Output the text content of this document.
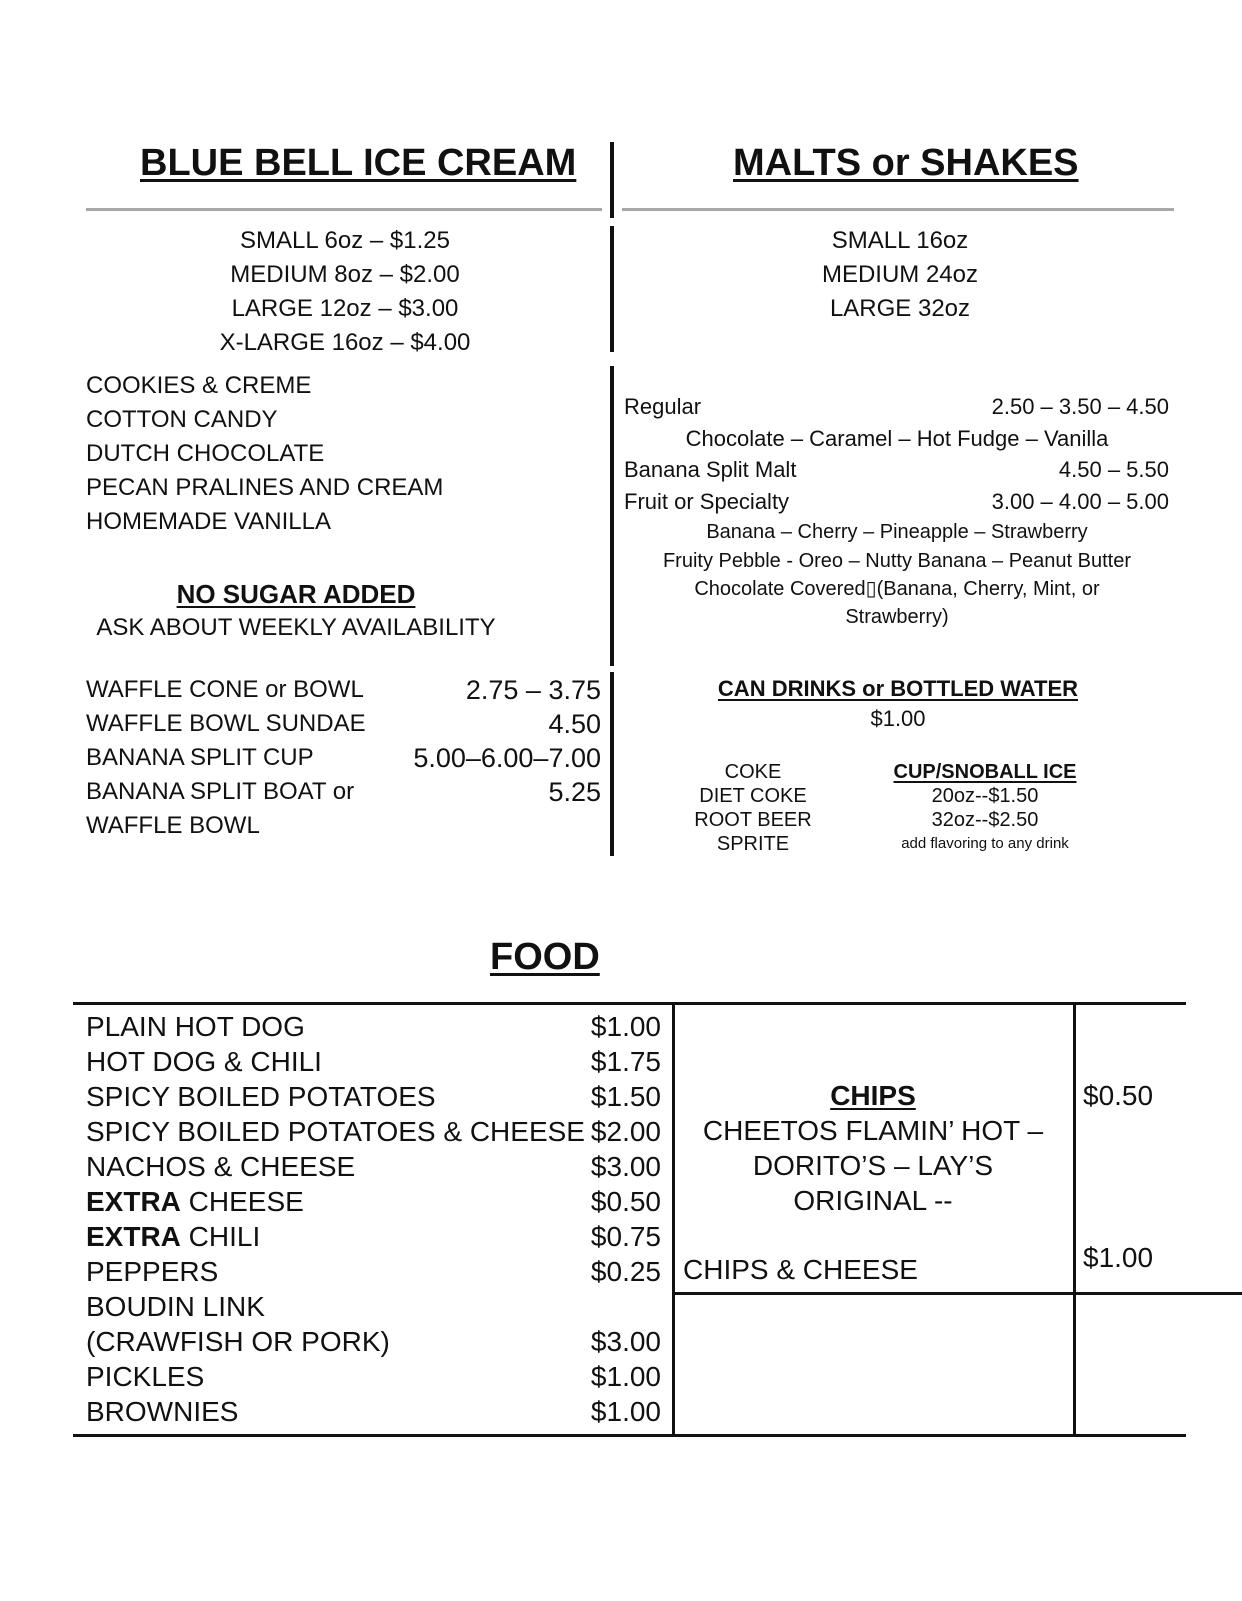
BLUE BELL ICE CREAM
SMALL 6oz – $1.25
MEDIUM 8oz – $2.00
LARGE 12oz – $3.00
X-LARGE 16oz – $4.00
COOKIES & CREME
COTTON CANDY
DUTCH CHOCOLATE
PECAN PRALINES AND CREAM
HOMEMADE VANILLA
NO SUGAR ADDED
ASK ABOUT WEEKLY AVAILABILITY
WAFFLE CONE or BOWL	2.75 – 3.75
WAFFLE BOWL SUNDAE	4.50
BANANA SPLIT CUP	5.00–6.00–7.00
BANANA SPLIT BOAT or	5.25
WAFFLE BOWL
MALTS or SHAKES
SMALL 16oz
MEDIUM 24oz
LARGE 32oz
Regular	2.50 – 3.50 – 4.50
Chocolate – Caramel – Hot Fudge – Vanilla
Banana Split Malt	4.50 – 5.50
Fruit or Specialty	3.00 – 4.00 – 5.00
Banana – Cherry – Pineapple – Strawberry
Fruity Pebble - Oreo – Nutty Banana – Peanut Butter
Chocolate Covered▯(Banana, Cherry, Mint, or
Strawberry)
CAN DRINKS or BOTTLED WATER
$1.00
COKE
DIET COKE
ROOT BEER
SPRITE
CUP/SNOBALL ICE
20oz--$1.50
32oz--$2.50
add flavoring to any drink
FOOD
PLAIN HOT DOG	$1.00
HOT DOG & CHILI	$1.75
SPICY BOILED POTATOES	$1.50
SPICY BOILED POTATOES & CHEESE $2.00
NACHOS & CHEESE	$3.00
EXTRA CHEESE	$0.50
EXTRA CHILI	$0.75
PEPPERS	$0.25
BOUDIN LINK
(CRAWFISH OR PORK)	$3.00
PICKLES	$1.00
BROWNIES	$1.00
CHIPS
CHEETOS FLAMIN’ HOT –
DORITO’S – LAY’S
ORIGINAL --
$0.50
CHIPS & CHEESE	$1.00
